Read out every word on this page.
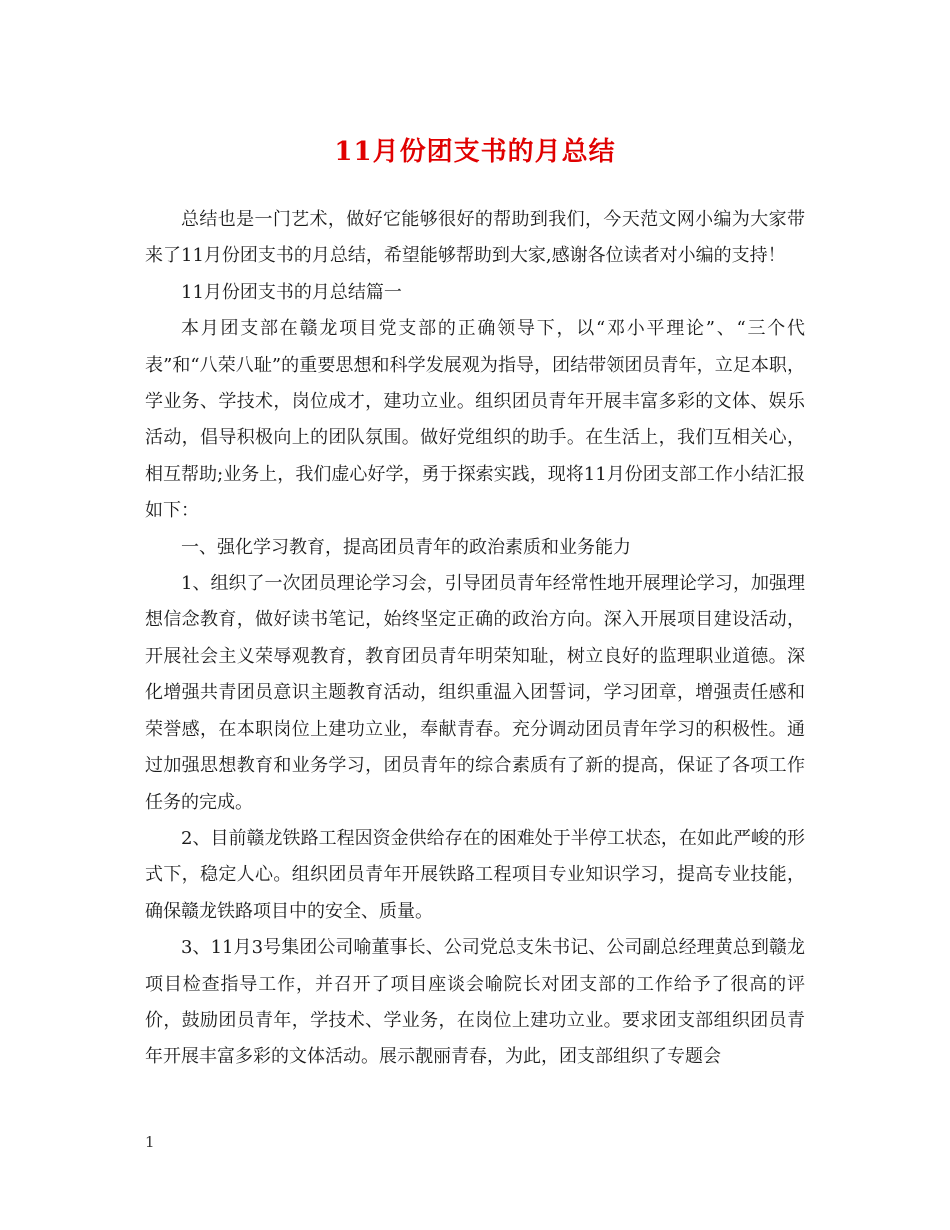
11月份团支书的月总结

总结也是一门艺术，做好它能够很好的帮助到我们，今天范文网小编为大家带来了11月份团支书的月总结，希望能够帮助到大家,感谢各位读者对小编的支持！

11月份团支书的月总结篇一

本月团支部在赣龙项目党支部的正确领导下，以“邓小平理论”、“三个代表”和“八荣八耻”的重要思想和科学发展观为指导，团结带领团员青年，立足本职，学业务、学技术，岗位成才，建功立业。组织团员青年开展丰富多彩的文体、娱乐活动，倡导积极向上的团队氛围。做好党组织的助手。在生活上，我们互相关心，相互帮助;业务上，我们虚心好学，勇于探索实践，现将11月份团支部工作小结汇报如下：

一、强化学习教育，提高团员青年的政治素质和业务能力

1、组织了一次团员理论学习会，引导团员青年经常性地开展理论学习，加强理想信念教育，做好读书笔记，始终坚定正确的政治方向。深入开展项目建设活动，开展社会主义荣辱观教育，教育团员青年明荣知耻，树立良好的监理职业道德。深化增强共青团员意识主题教育活动，组织重温入团誓词，学习团章，增强责任感和荣誉感，在本职岗位上建功立业，奉献青春。充分调动团员青年学习的积极性。通过加强思想教育和业务学习，团员青年的综合素质有了新的提高，保证了各项工作任务的完成。

2、目前赣龙铁路工程因资金供给存在的困难处于半停工状态，在如此严峻的形式下，稳定人心。组织团员青年开展铁路工程项目专业知识学习，提高专业技能，确保赣龙铁路项目中的安全、质量。

3、11月3号集团公司喻董事长、公司党总支朱书记、公司副总经理黄总到赣龙项目检查指导工作，并召开了项目座谈会喻院长对团支部的工作给予了很高的评价，鼓励团员青年，学技术、学业务，在岗位上建功立业。要求团支部组织团员青年开展丰富多彩的文体活动。展示靓丽青春，为此，团支部组织了专题会

1
